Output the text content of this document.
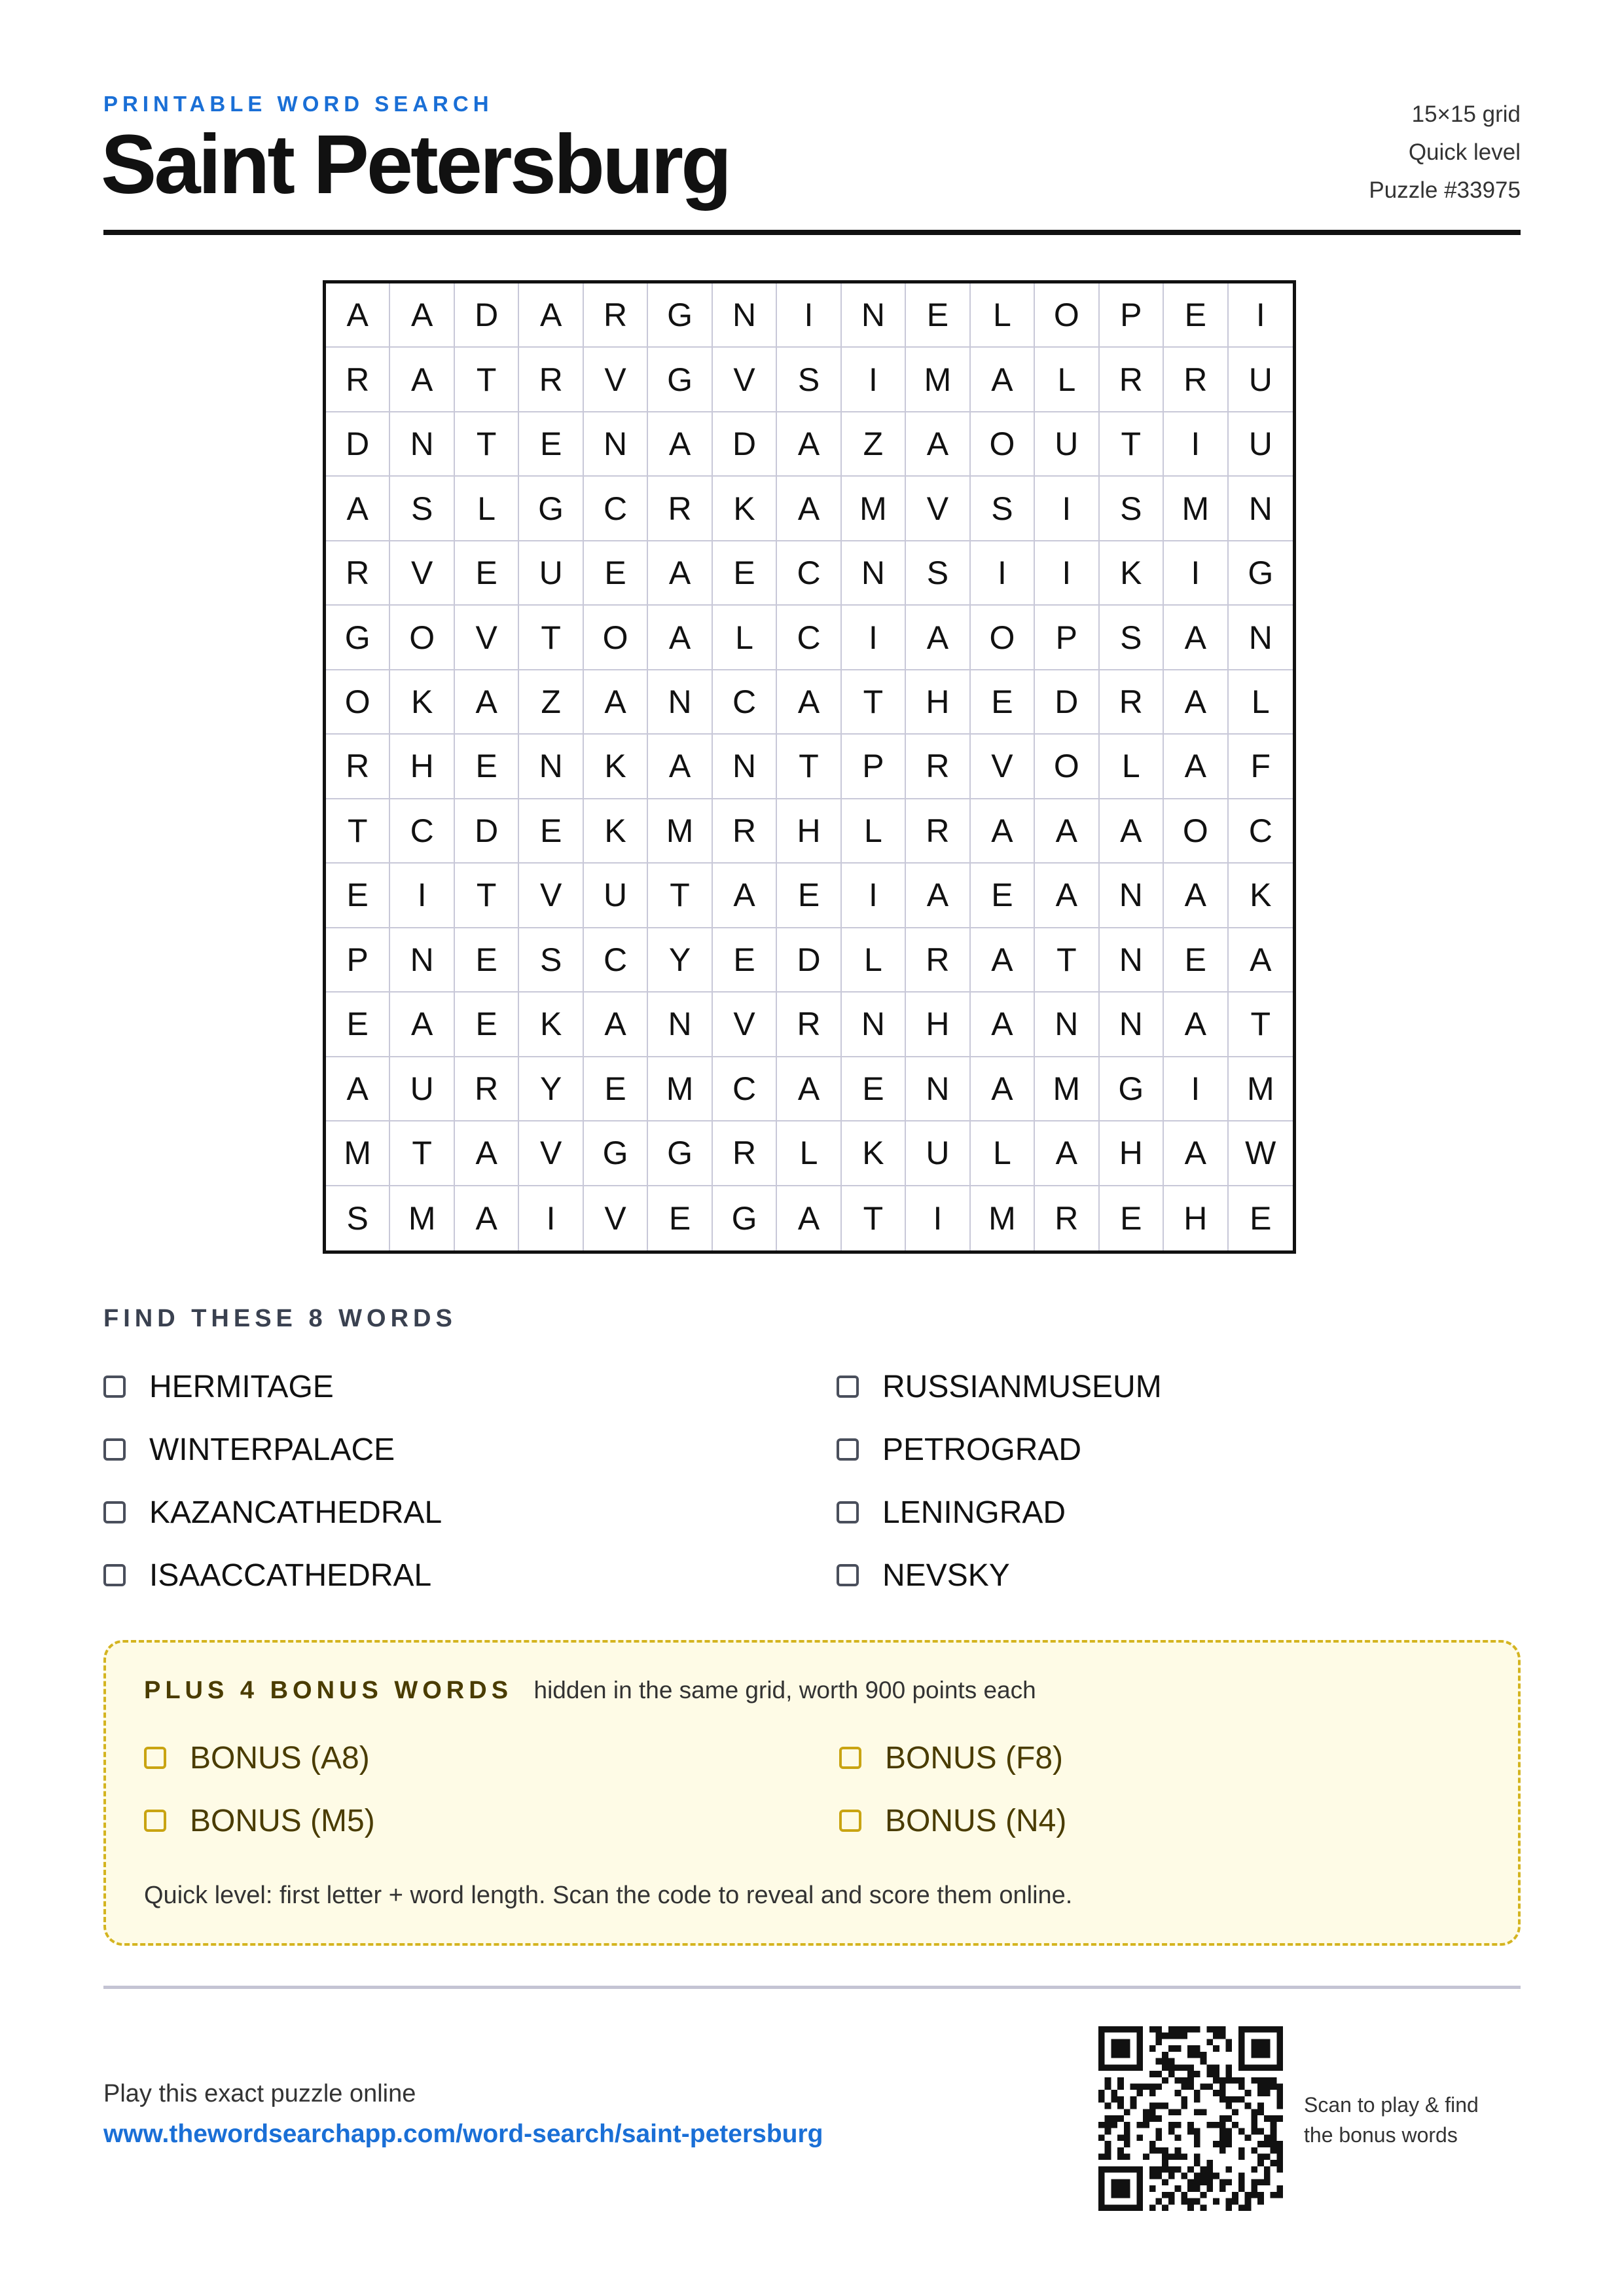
PRINTABLE WORD SEARCH
Saint Petersburg
15×15 grid
Quick level
Puzzle #33975
A	A	D	A	R	G	N	I	N	E	L	O	P	E	I
R	A	T	R	V	G	V	S	I	M	A	L	R	R	U
D	N	T	E	N	A	D	A	Z	A	O	U	T	I	U
A	S	L	G	C	R	K	A	M	V	S	I	S	M	N
R	V	E	U	E	A	E	C	N	S	I	I	K	I	G
G	O	V	T	O	A	L	C	I	A	O	P	S	A	N
O	K	A	Z	A	N	C	A	T	H	E	D	R	A	L
R	H	E	N	K	A	N	T	P	R	V	O	L	A	F
T	C	D	E	K	M	R	H	L	R	A	A	A	O	C
E	I	T	V	U	T	A	E	I	A	E	A	N	A	K
P	N	E	S	C	Y	E	D	L	R	A	T	N	E	A
E	A	E	K	A	N	V	R	N	H	A	N	N	A	T
A	U	R	Y	E	M	C	A	E	N	A	M	G	I	M
M	T	A	V	G	G	R	L	K	U	L	A	H	A	W
S	M	A	I	V	E	G	A	T	I	M	R	E	H	E
FIND THESE 8 WORDS
HERMITAGE	RUSSIANMUSEUM
WINTERPALACE	PETROGRAD
KAZANCATHEDRAL	LENINGRAD
ISAACCATHEDRAL	NEVSKY
PLUS 4 BONUS WORDS hidden in the same grid, worth 900 points each
BONUS (A8)	BONUS (F8)
BONUS (M5)	BONUS (N4)
Quick level: first letter + word length. Scan the code to reveal and score them online.
Play this exact puzzle online
www.thewordsearchapp.com/word-search/saint-petersburg
Scan to play & find
the bonus words
